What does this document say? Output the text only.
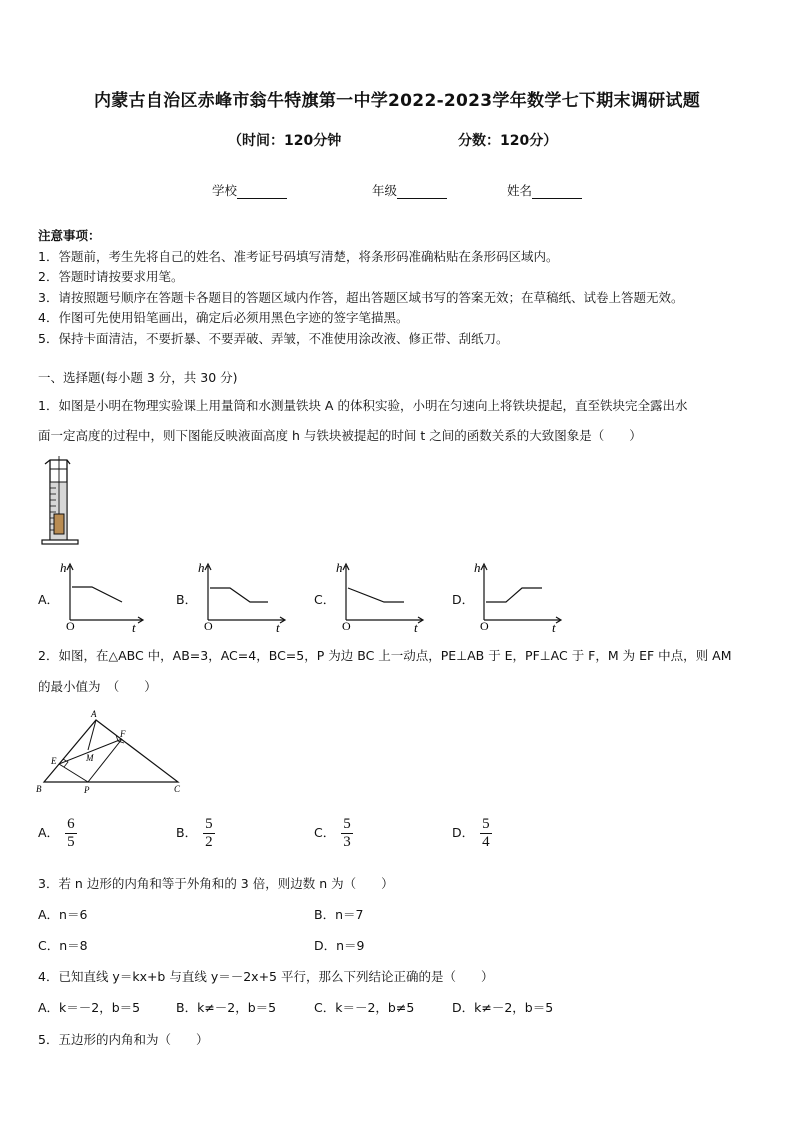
内蒙古自治区赤峰市翁牛特旗第一中学2022-2023学年数学七下期末调研试题
（时间：120分钟	分数：120分）
学校	年级	姓名
注意事项：
1．答题前，考生先将自己的姓名、准考证号码填写清楚，将条形码准确粘贴在条形码区域内。
2．答题时请按要求用笔。
3．请按照题号顺序在答题卡各题目的答题区域内作答，超出答题区域书写的答案无效；在草稿纸、试卷上答题无效。
4．作图可先使用铅笔画出，确定后必须用黑色字迹的签字笔描黑。
5．保持卡面清洁，不要折暴、不要弄破、弄皱，不准使用涂改液、修正带、刮纸刀。
一、选择题(每小题 3 分，共 30 分)
1．如图是小明在物理实验课上用量筒和水测量铁块 A 的体积实验，小明在匀速向上将铁块提起，直至铁块完全露出水
面一定高度的过程中，则下图能反映液面高度 h 与铁块被提起的时间 t 之间的函数关系的大致图象是（　　）
A．
h
t
O
B．
h
t
O
C．
h
t
O
D．
h
t
O
2．如图，在△ABC 中，AB=3，AC=4，BC=5，P 为边 BC 上一动点，PE⊥AB 于 E，PF⊥AC 于 F，M 为 EF 中点，则 AM
的最小值为　（　　）
A
B	C
E
F
M
P
A． $\frac{6}{5}$	B． $\frac{5}{2}$	C． $\frac{5}{3}$	D． $\frac{5}{4}$
3．若 n 边形的内角和等于外角和的 3 倍，则边数 n 为（　　）
A．n＝6	B．n＝7
C．n＝8	D．n＝9
4．已知直线 y＝kx+b 与直线 y＝－2x+5 平行，那么下列结论正确的是（　　）
A．k＝－2，b＝5	B．k≠－2，b＝5	C．k＝－2，b≠5	D．k≠－2，b＝5
5．五边形的内角和为（　　）
